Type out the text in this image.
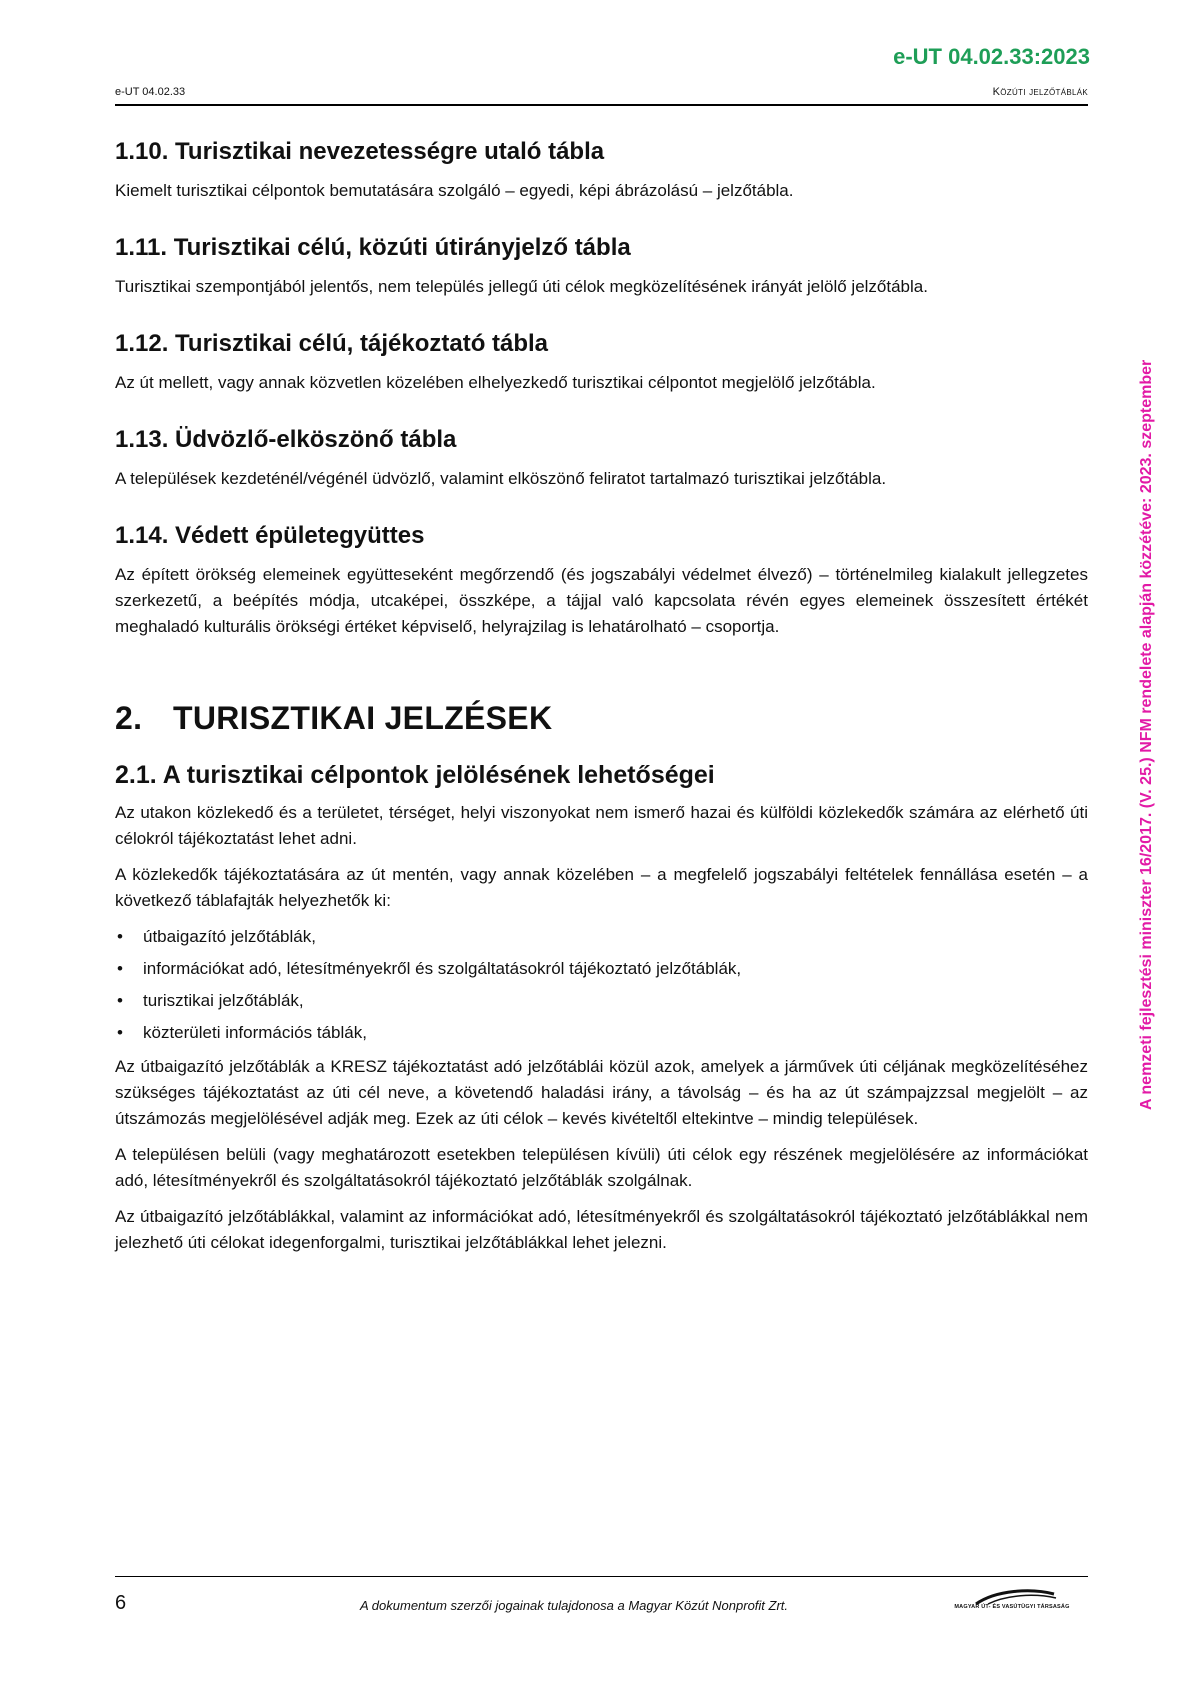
e-UT 04.02.33:2023
e-UT 04.02.33	Közúti jelzőtáblák
A nemzeti fejlesztési miniszter 16/2017. (V. 25.) NFM rendelete alapján közzétéve: 2023. szeptember
1.10. Turisztikai nevezetességre utaló tábla

Kiemelt turisztikai célpontok bemutatására szolgáló – egyedi, képi ábrázolású – jelzőtábla.

1.11. Turisztikai célú, közúti útirányjelző tábla

Turisztikai szempontjából jelentős, nem település jellegű úti célok megközelítésének irányát jelölő jelzőtábla.

1.12. Turisztikai célú, tájékoztató tábla

Az út mellett, vagy annak közvetlen közelében elhelyezkedő turisztikai célpontot megjelölő jelzőtábla.

1.13. Üdvözlő-elköszönő tábla

A települések kezdeténél/végénél üdvözlő, valamint elköszönő feliratot tartalmazó turisztikai jelzőtábla.

1.14. Védett épületegyüttes

Az épített örökség elemeinek együtteseként megőrzendő (és jogszabályi védelmet élvező) – történelmileg kialakult jellegzetes szerkezetű, a beépítés módja, utcaképei, összképe, a tájjal való kapcsolata révén egyes elemeinek összesített értékét meghaladó kulturális örökségi értéket képviselő, helyrajzilag is lehatárolható – csoportja.

2. TURISZTIKAI JELZÉSEK
2.1. A turisztikai célpontok jelölésének lehetőségei

Az utakon közlekedő és a területet, térséget, helyi viszonyokat nem ismerő hazai és külföldi közlekedők számára az elérhető úti célokról tájékoztatást lehet adni.

A közlekedők tájékoztatására az út mentén, vagy annak közelében – a megfelelő jogszabályi feltételek fennállása esetén – a következő táblafajták helyezhetők ki:

• útbaigazító jelzőtáblák,
• információkat adó, létesítményekről és szolgáltatásokról tájékoztató jelzőtáblák,
• turisztikai jelzőtáblák,
• közterületi információs táblák,

Az útbaigazító jelzőtáblák a KRESZ tájékoztatást adó jelzőtáblái közül azok, amelyek a járművek úti céljának megközelítéséhez szükséges tájékoztatást az úti cél neve, a követendő haladási irány, a távolság – és ha az út számpajzzsal megjelölt – az útszámozás megjelölésével adják meg. Ezek az úti célok – kevés kivételtől eltekintve – mindig települések.

A településen belüli (vagy meghatározott esetekben településen kívüli) úti célok egy részének megjelölésére az információkat adó, létesítményekről és szolgáltatásokról tájékoztató jelzőtáblák szolgálnak.

Az útbaigazító jelzőtáblákkal, valamint az információkat adó, létesítményekről és szolgáltatásokról tájékoztató jelzőtáblákkal nem jelezhető úti célokat idegenforgalmi, turisztikai jelzőtáblákkal lehet jelezni.

6	A dokumentum szerzői jogainak tulajdonosa a Magyar Közút Nonprofit Zrt.	MAGYAR ÚT- ÉS VASÚTÜGYI TÁRSASÁG
